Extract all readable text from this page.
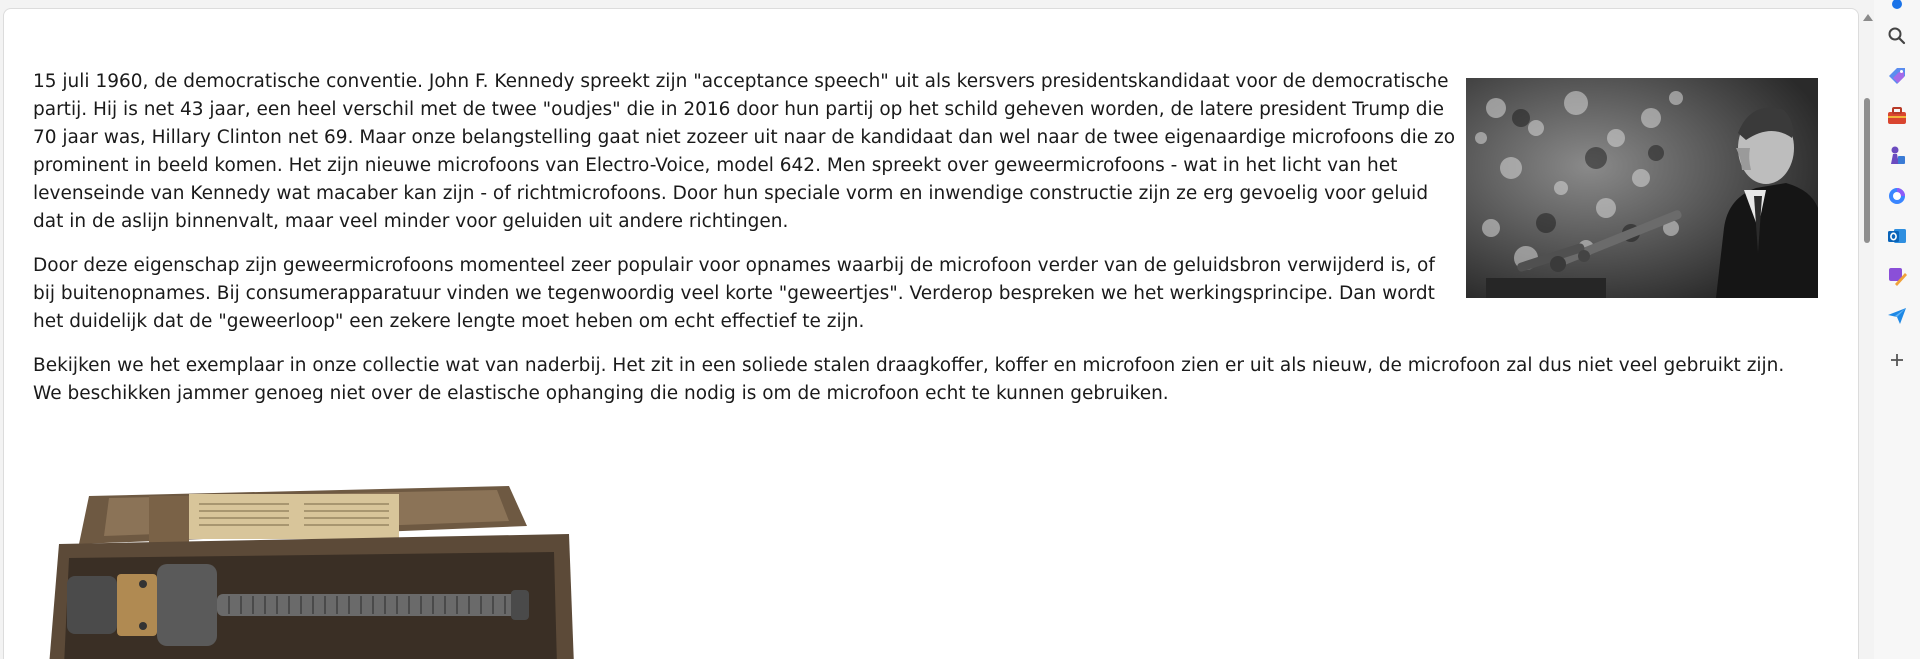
15 juli 1960, de democratische conventie. John F. Kennedy spreekt zijn "acceptance speech" uit als kersvers presidentskandidaat voor de democratische partij. Hij is net 43 jaar, een heel verschil met de twee "oudjes" die in 2016 door hun partij op het schild geheven worden, de latere president Trump die 70 jaar was, Hillary Clinton net 69. Maar onze belangstelling gaat niet zozeer uit naar de kandidaat dan wel naar de twee eigenaardige microfoons die zo prominent in beeld komen. Het zijn nieuwe microfoons van Electro-Voice, model 642. Men spreekt over geweermicrofoons - wat in het licht van het levenseinde van Kennedy wat macaber kan zijn - of richtmicrofoons. Door hun speciale vorm en inwendige constructie zijn ze erg gevoelig voor geluid dat in de aslijn binnenvalt, maar veel minder voor geluiden uit andere richtingen.

Door deze eigenschap zijn geweermicrofoons momenteel zeer populair voor opnames waarbij de microfoon verder van de geluidsbron verwijderd is, of bij buitenopnames. Bij consumerapparatuur vinden we tegenwoordig veel korte "geweertjes". Verderop bespreken we het werkingsprincipe. Dan wordt het duidelijk dat de "geweerloop" een zekere lengte moet heben om echt effectief te zijn.

Bekijken we het exemplaar in onze collectie wat van naderbij. Het zit in een soliede stalen draagkoffer, koffer en microfoon zien er uit als nieuw, de microfoon zal dus niet veel gebruikt zijn. We beschikken jammer genoeg niet over de elastische ophanging die nodig is om de microfoon echt te kunnen gebruiken.
